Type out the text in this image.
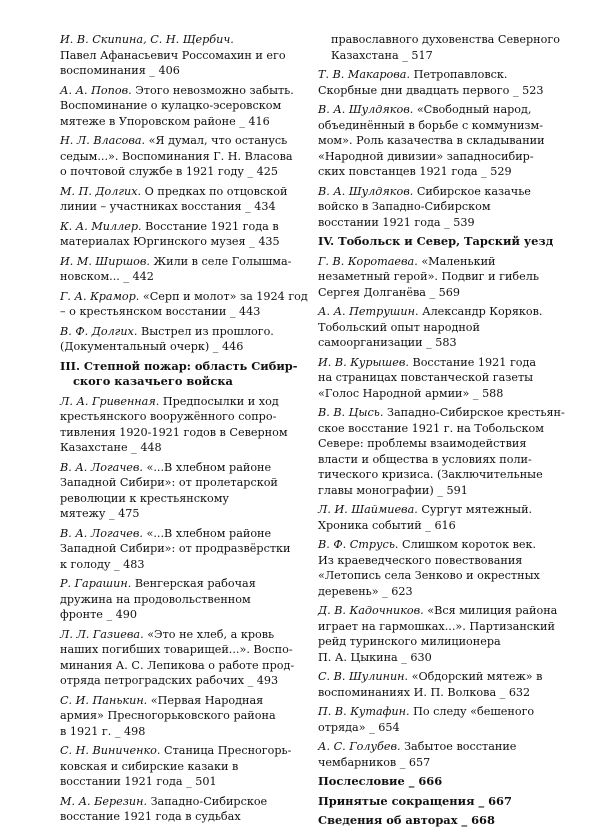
И. В. Скипина, С. Н. Щербич.
Павел Афанасьевич Россомахин и его
воспоминания _ 406
А. А. Попов. Этого невозможно забыть.
Воспоминание о кулацко-эсеровском
мятеже в Упоровском районе _ 416
Н. Л. Власова. «Я думал, что останусь
седым...». Воспоминания Г. Н. Власова
о почтовой службе в 1921 году _ 425
М. П. Долгих. О предках по отцовской
линии – участниках восстания _ 434
К. А. Миллер. Восстание 1921 года в
материалах Юргинского музея _ 435
И. М. Ширшов. Жили в селе Голышма-
новском... _ 442
Г. А. Крамор. «Серп и молот» за 1924 год
– о крестьянском восстании _ 443
В. Ф. Долгих. Выстрел из прошлого.
(Документальный очерк) _ 446
III. Степной пожар: область Сибир- ского казачьего войска
Л. А. Гривенная. Предпосылки и ход
крестьянского вооружённого сопро-
тивления 1920-1921 годов в Северном
Казахстане _ 448
В. А. Логачев. «...В хлебном районе
Западной Сибири»: от пролетарской
революции к крестьянскому
мятежу _ 475
В. А. Логачев. «...В хлебном районе
Западной Сибири»: от продразвёрстки
к голоду _ 483
Р. Гарашин. Венгерская рабочая
дружина на продовольственном
фронте _ 490
Л. Л. Газиева. «Это не хлеб, а кровь
наших погибших товарищей...». Воспо-
минания А. С. Лепикова о работе прод-
отряда петроградских рабочих _ 493
С. И. Панькин. «Первая Народная
армия» Пресногорьковского района
в 1921 г. _ 498
С. Н. Виниченко. Станица Пресногорь-
ковская и сибирские казаки в
восстании 1921 года _ 501
М. А. Березин. Западно-Сибирское
восстание 1921 года в судьбах
православного духовенства Северного Казахстана _ 517
Т. В. Макарова. Петропавловск.
Скорбные дни двадцать первого _ 523
В. А. Шулдяков. «Свободный народ,
объединённый в борьбе с коммунизм-
мом». Роль казачества в складывании
«Народной дивизии» западносибир-
ских повстанцев 1921 года _ 529
В. А. Шулдяков. Сибирское казачье
войско в Западно-Сибирском
восстании 1921 года _ 539
IV. Тобольск и Север, Тарский уезд
Г. В. Коротаева. «Маленький
незаметный герой». Подвиг и гибель
Сергея Долганёва _ 569
А. А. Петрушин. Александр Коряков.
Тобольский опыт народной
самоорганизации _ 583
И. В. Курышев. Восстание 1921 года
на страницах повстанческой газеты
«Голос Народной армии» _ 588
В. В. Цысь. Западно-Сибирское крестьян-
ское восстание 1921 г. на Тобольском
Севере: проблемы взаимодействия
власти и общества в условиях поли-
тического кризиса. (Заключительные
главы монографии) _ 591
Л. И. Шаймиева. Сургут мятежный.
Хроника событий _ 616
В. Ф. Струсь. Слишком короток век.
Из краеведческого повествования
«Летопись села Зенково и окрестных
деревень» _ 623
Д. В. Кадочников. «Вся милиция района
играет на гармошках...». Партизанский
рейд туринского милиционера
П. А. Цыкина _ 630
С. В. Шулинин. «Обдорский мятеж» в
воспоминаниях И. П. Волкова _ 632
П. В. Кутафин. По следу «бешеного
отряда» _ 654
А. С. Голубев. Забытое восстание
чембарников _ 657
Послесловие _ 666
Принятые сокращения _ 667
Сведения об авторах _ 668
